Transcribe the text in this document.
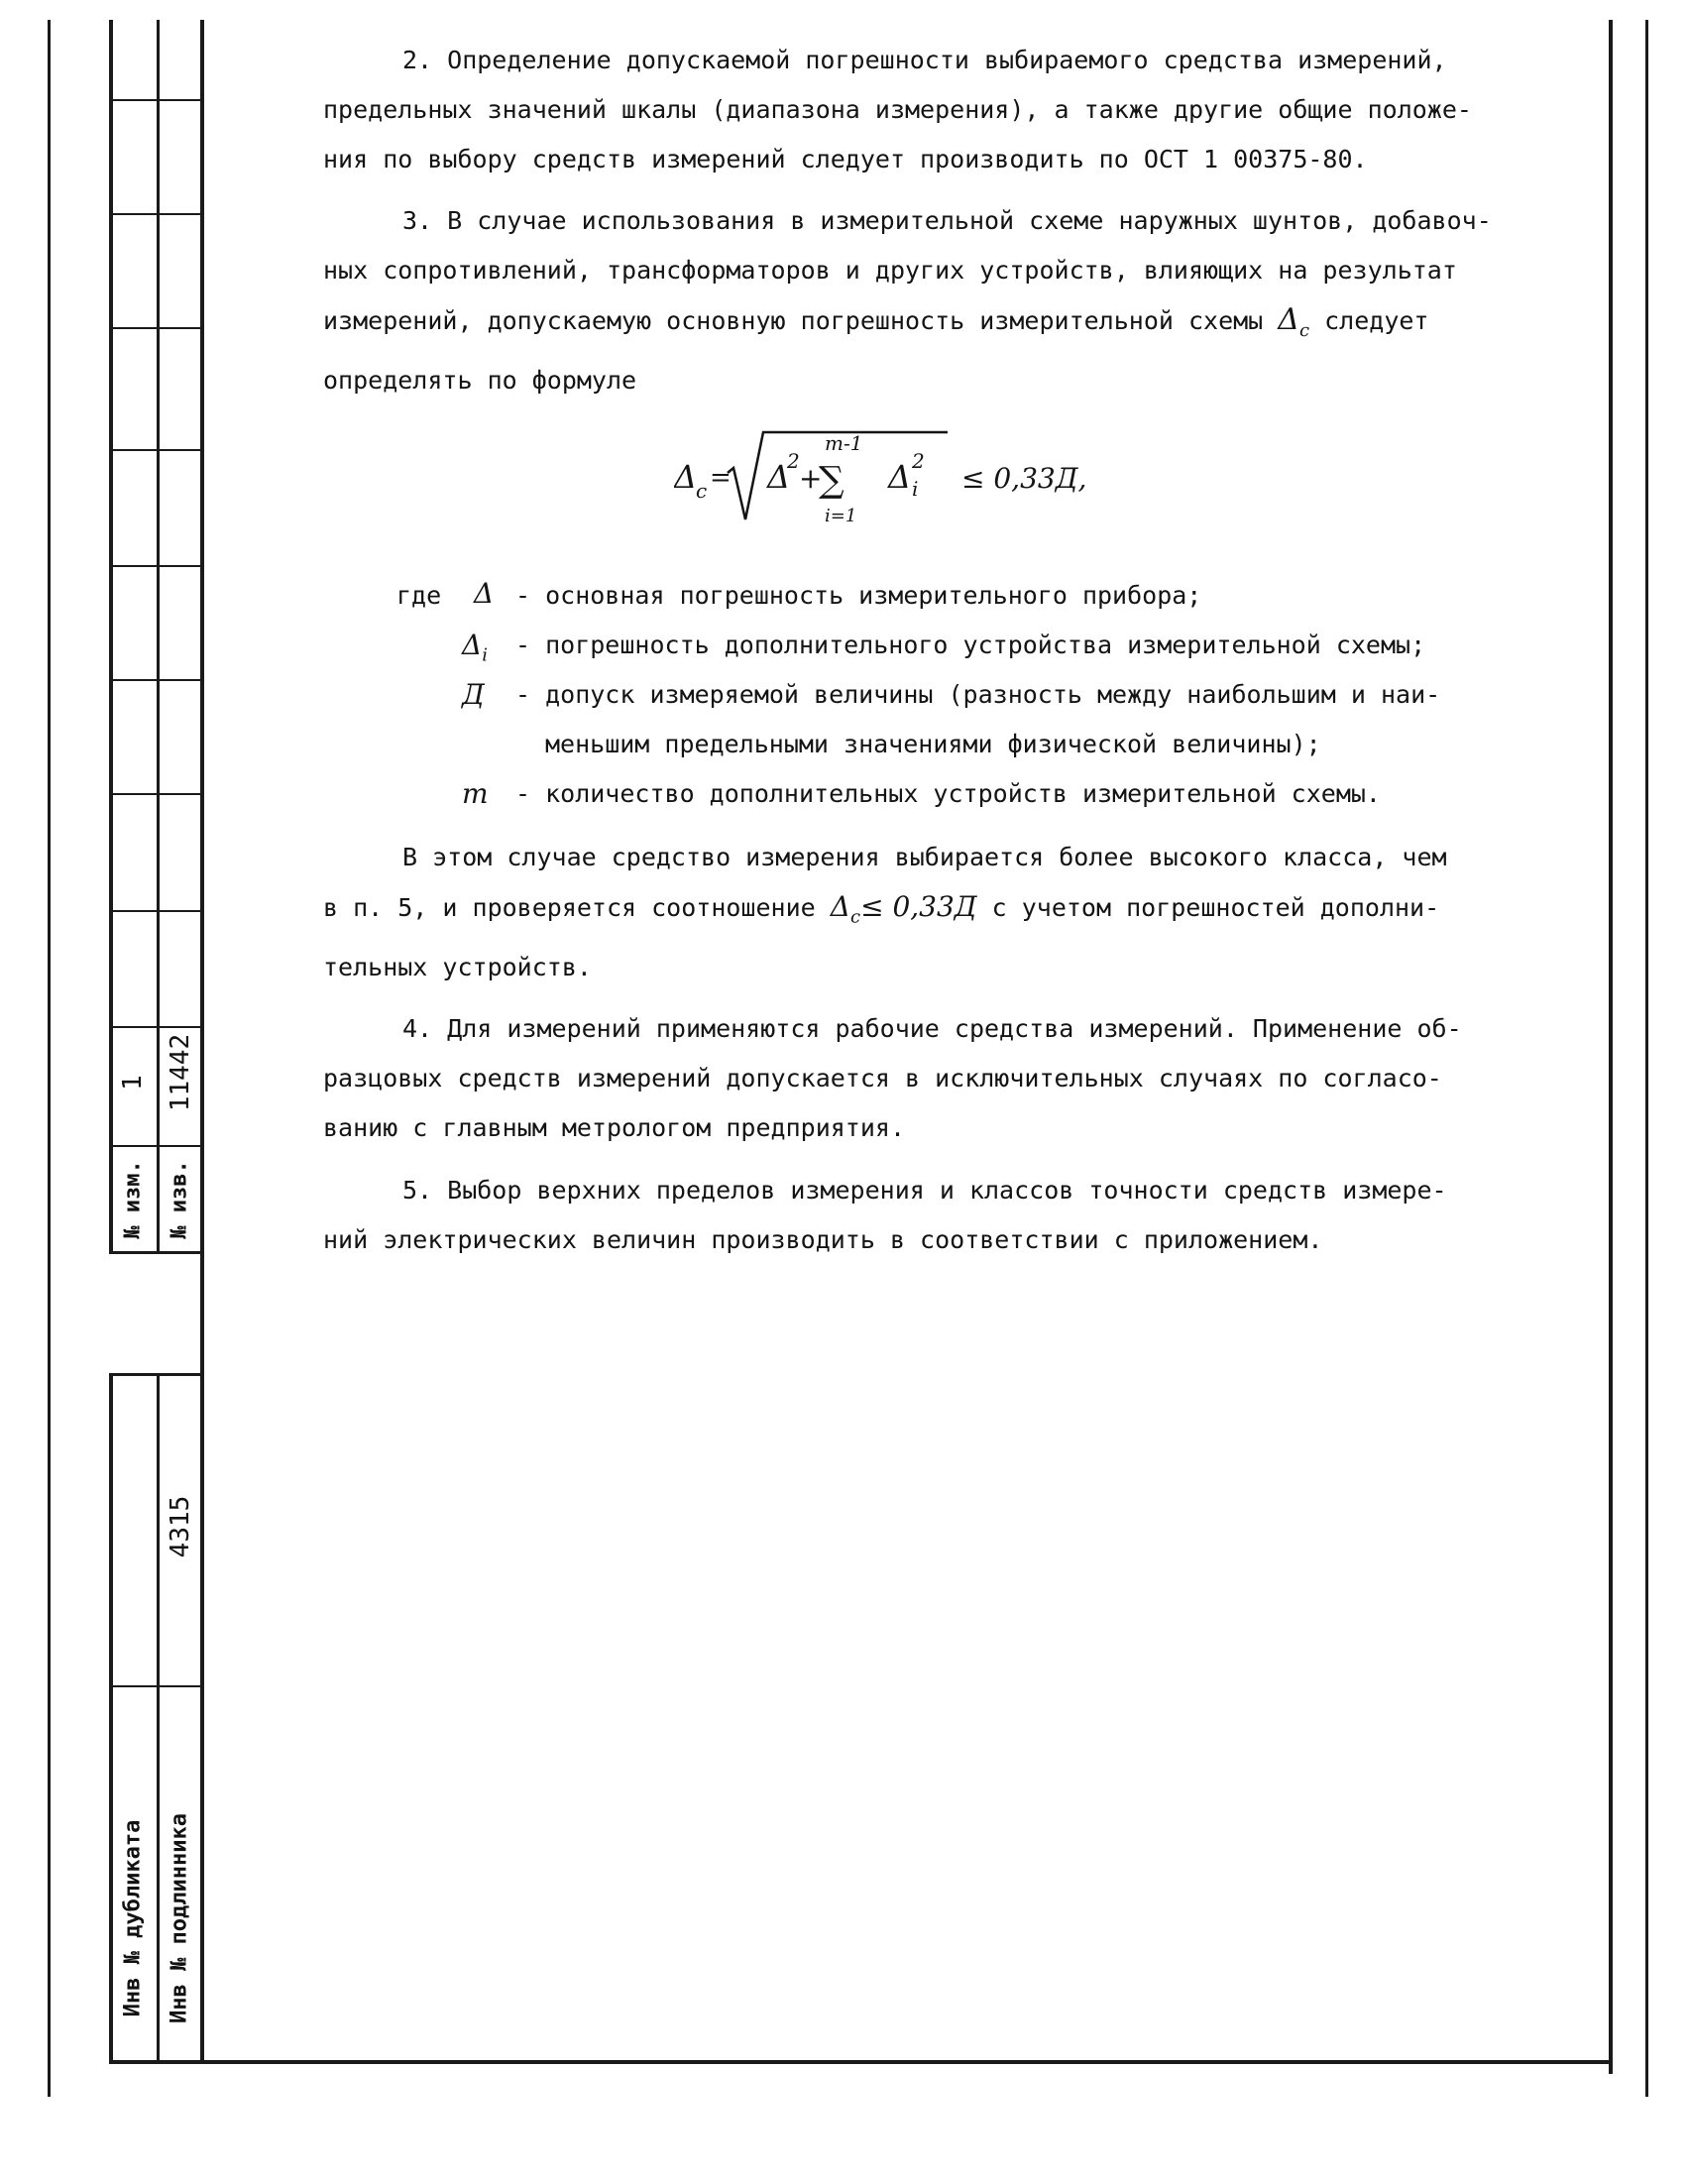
№ изм.
1
№ изв.
11442
Инв № дубликата Инв № подлинника
4315
2. Определение допускаемой погрешности выбираемого средства измерений,
предельных значений шкалы (диапазона измерения), а также другие общие положе-
ния по выбору средств измерений следует производить по ОСТ 1 00375-80.
3. В случае использования в измерительной схеме наружных шунтов, добавоч-
ных сопротивлений, трансформаторов и других устройств, влияющих на результат
измерений, допускаемую основную погрешность измерительной схемы $\Delta_c$ следует
определять по формуле
Δ
c = Δ
2
+
∑
m-1
i=1
Δ 2
i ≤ 0,33Д,
где Δ - основная погрешность измерительного прибора;
$\Delta_i$ - погрешность дополнительного устройства измерительной схемы;
Д - допуск измеряемой величины (разность между наибольшим и наи-
меньшим предельными значениями физической величины);
m - количество дополнительных устройств измерительной схемы.
В этом случае средство измерения выбирается более высокого класса, чем
в п. 5, и проверяется соотношение $\Delta_c\le 0,33Д$ с учетом погрешностей дополни-
тельных устройств.
4. Для измерений применяются рабочие средства измерений. Применение об-
разцовых средств измерений допускается в исключительных случаях по согласо-
ванию с главным метрологом предприятия.
5. Выбор верхних пределов измерения и классов точности средств измере-
ний электрических величин производить в соответствии с приложением.
